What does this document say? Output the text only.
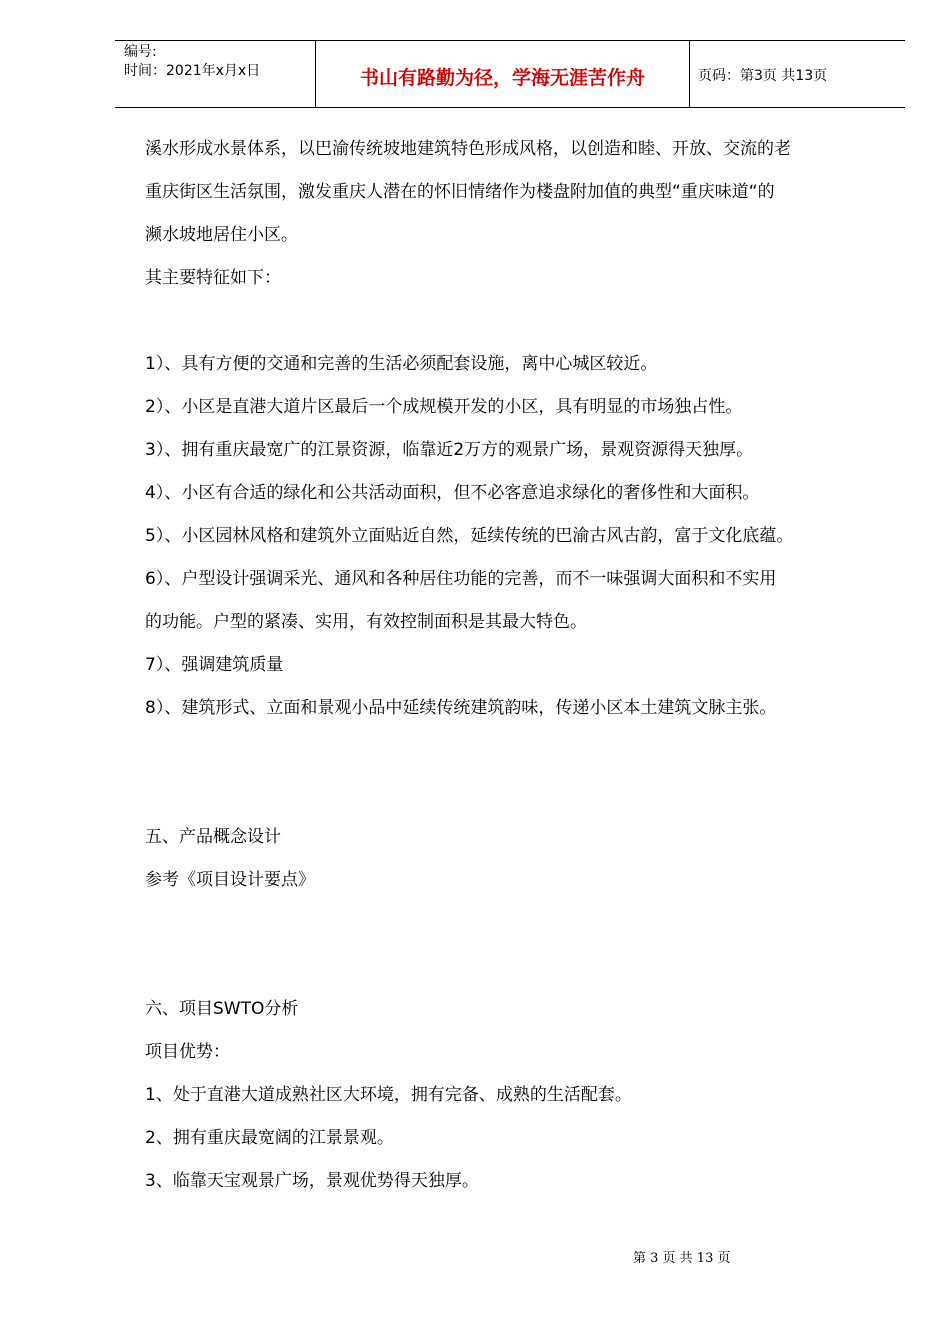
编号:
时间：2021年x月x日	书山有路勤为径，学海无涯苦作舟	页码：第3页 共13页
溪水形成水景体系，以巴渝传统坡地建筑特色形成风格，以创造和睦、开放、交流的老
重庆街区生活氛围，激发重庆人潜在的怀旧情绪作为楼盘附加值的典型“重庆味道“的
濒水坡地居住小区。
其主要特征如下：
1）、具有方便的交通和完善的生活必须配套设施，离中心城区较近。
2）、小区是直港大道片区最后一个成规模开发的小区，具有明显的市场独占性。
3）、拥有重庆最宽广的江景资源，临靠近2万方的观景广场，景观资源得天独厚。
4）、小区有合适的绿化和公共活动面积，但不必客意追求绿化的奢侈性和大面积。
5）、小区园林风格和建筑外立面贴近自然，延续传统的巴渝古风古韵，富于文化底蕴。
6）、户型设计强调采光、通风和各种居住功能的完善，而不一味强调大面积和不实用
的功能。户型的紧凑、实用，有效控制面积是其最大特色。
7）、强调建筑质量
8）、建筑形式、立面和景观小品中延续传统建筑韵味，传递小区本土建筑文脉主张。
五、产品概念设计
参考《项目设计要点》
六、项目SWTO分析
项目优势：
1、处于直港大道成熟社区大环境，拥有完备、成熟的生活配套。
2、拥有重庆最宽阔的江景景观。
3、临靠天宝观景广场，景观优势得天独厚。
第 3 页 共 13 页
